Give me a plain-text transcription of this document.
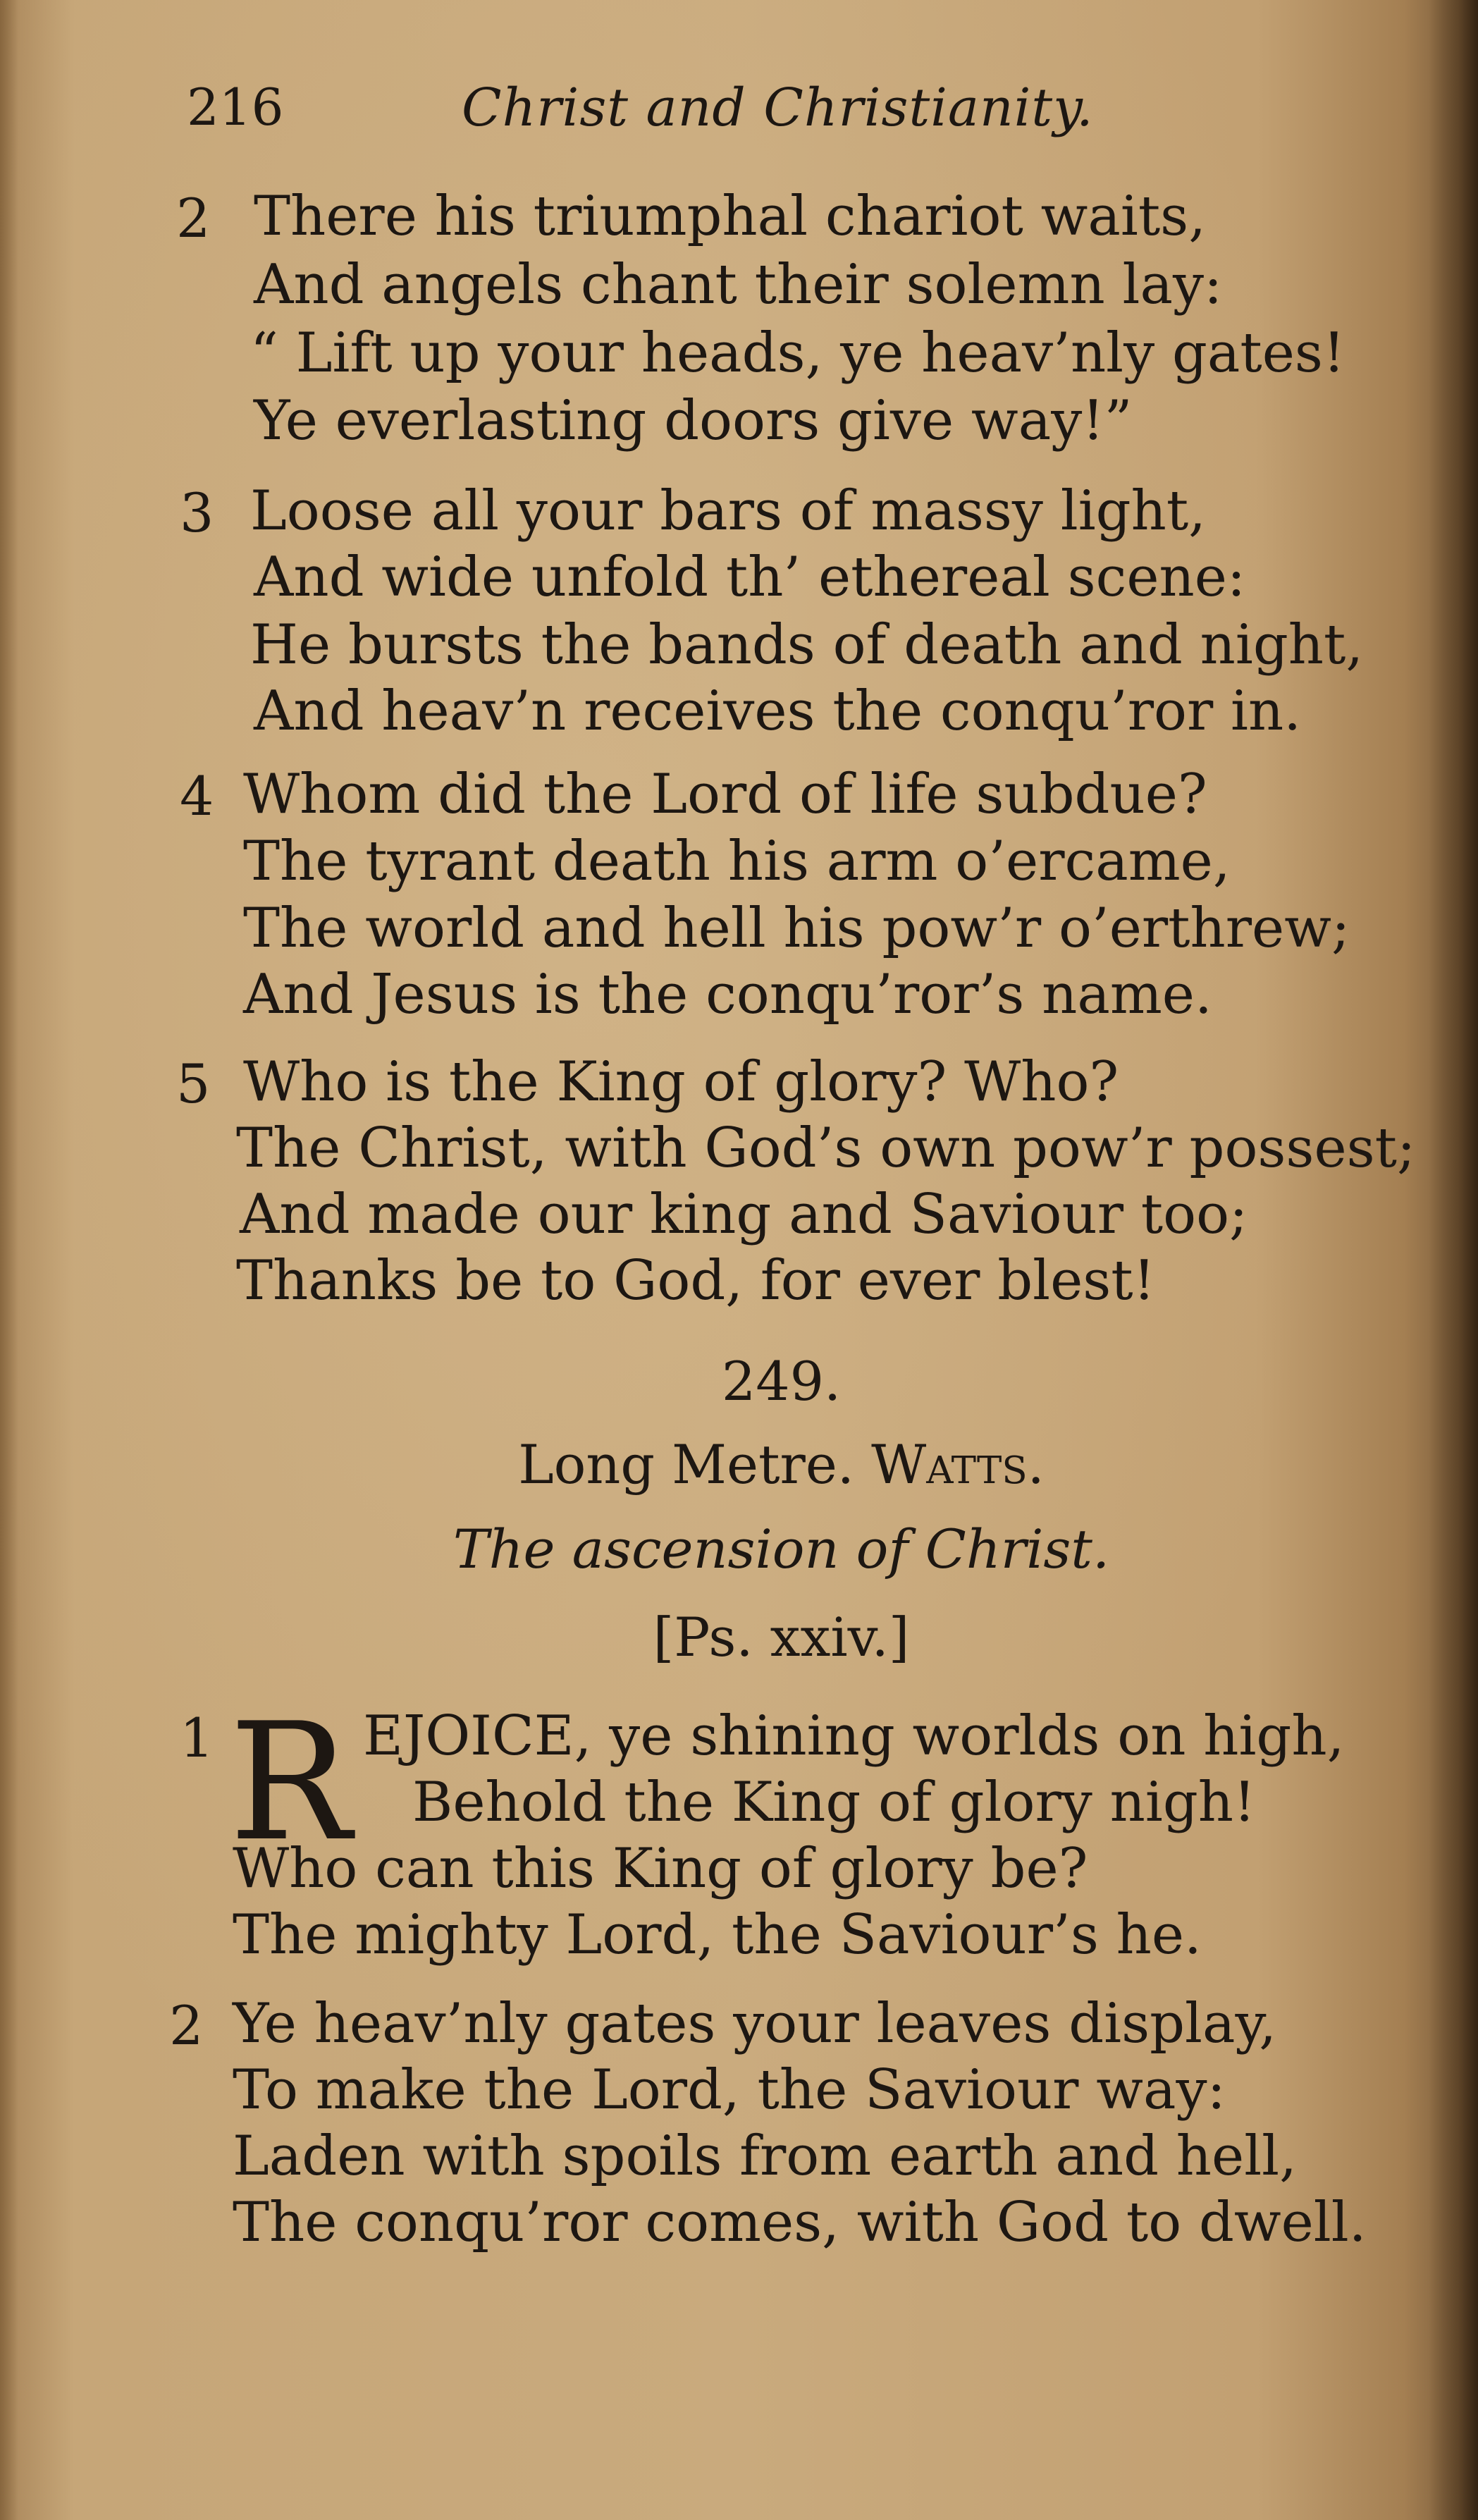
216	Christ and Christianity.
2 There his triumphal chariot waits,
And angels chant their solemn lay:
“ Lift up your heads, ye heav’nly gates!
Ye everlasting doors give way!”
3 Loose all your bars of massy light,
And wide unfold th’ ethereal scene:
He bursts the bands of death and night,
And heav’n receives the conqu’ror in.
4 Whom did the Lord of life subdue?
The tyrant death his arm o’ercame,
The world and hell his pow’r o’erthrew;
And Jesus is the conqu’ror’s name.
5 Who is the King of glory? Who?
The Christ, with God’s own pow’r possest;
And made our king and Saviour too;
Thanks be to God, for ever blest!
249.
Long Metre. Watts.
The ascension of Christ.
[Ps. xxiv.]
1 R EJOICE, ye shining worlds on high,
Behold the King of glory nigh!
Who can this King of glory be?
The mighty Lord, the Saviour’s he.
2 Ye heav’nly gates your leaves display,
To make the Lord, the Saviour way:
Laden with spoils from earth and hell,
The conqu’ror comes, with God to dwell.
